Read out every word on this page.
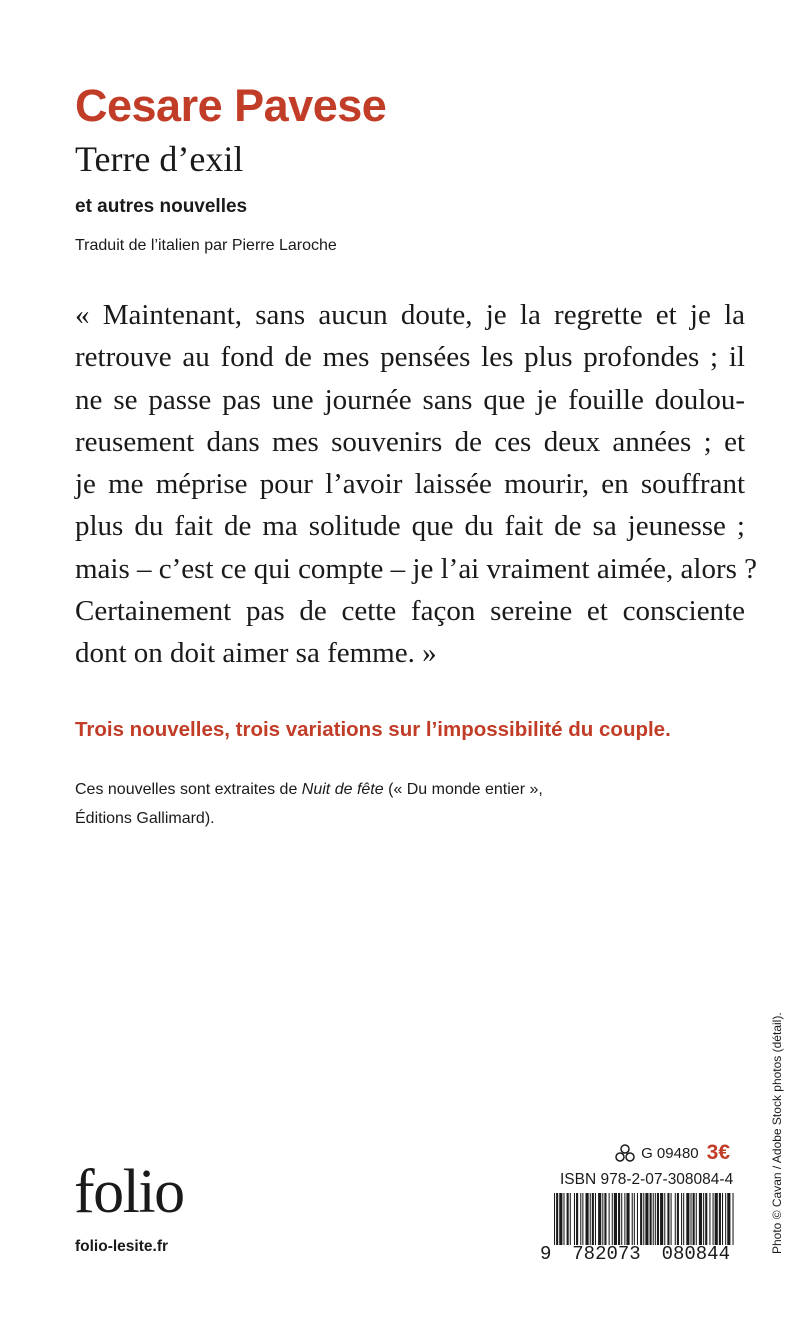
Cesare Pavese
Terre d’exil
et autres nouvelles
Traduit de l’italien par Pierre Laroche
« Maintenant, sans aucun doute, je la regrette et je la
retrouve au fond de mes pensées les plus profondes ; il
ne se passe pas une journée sans que je fouille doulou-
reusement dans mes souvenirs de ces deux années ; et
je me méprise pour l’avoir laissée mourir, en souffrant
plus du fait de ma solitude que du fait de sa jeunesse ;
mais – c’est ce qui compte – je l’ai vraiment aimée, alors ?
Certainement pas de cette façon sereine et consciente
dont on doit aimer sa femme. »
Trois nouvelles, trois variations sur l’impossibilité du couple.
Ces nouvelles sont extraites de Nuit de fête (« Du monde entier »,
Éditions Gallimard).
folio
folio-lesite.fr	Photo © Cavan / Adobe Stock photos (détail).
G 09480 3€
ISBN 978-2-07-308084-4
9 782073 080844
